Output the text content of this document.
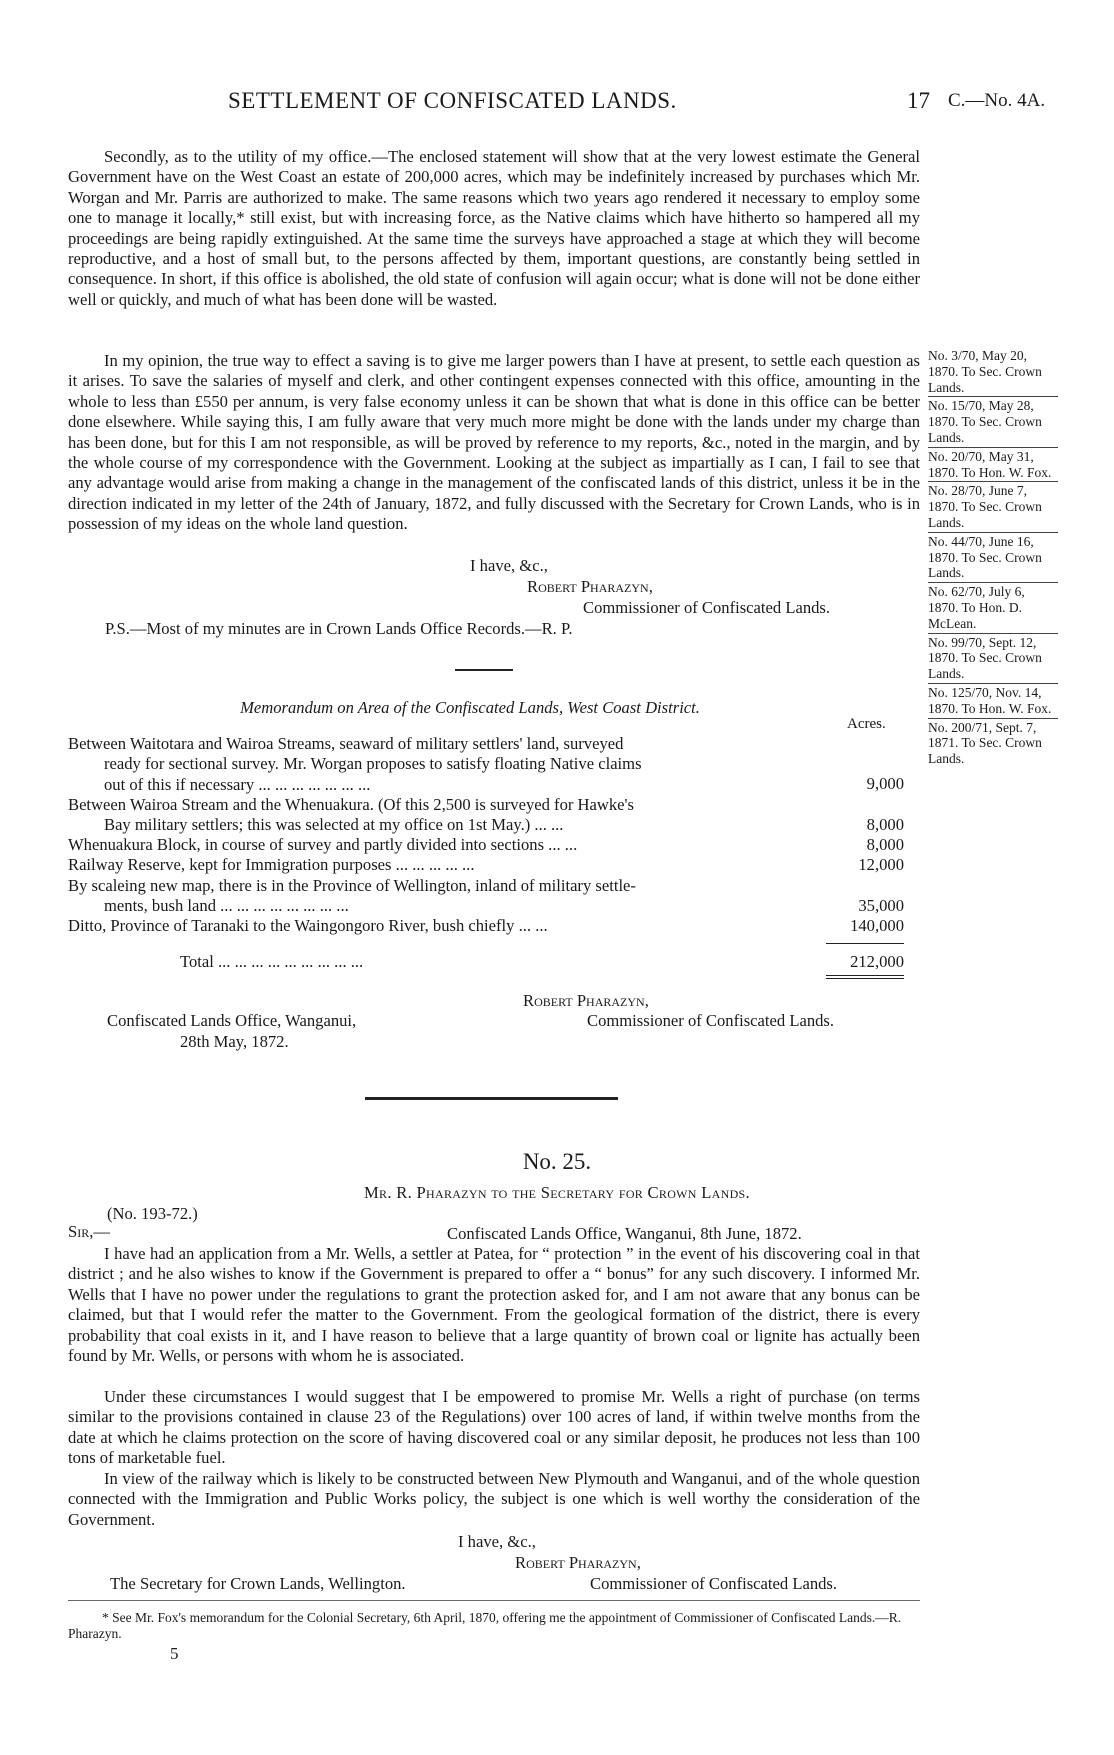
SETTLEMENT OF CONFISCATED LANDS.	17 C.—No. 4A.
Secondly, as to the utility of my office.—The enclosed statement will show that at the very lowest estimate the General Government have on the West Coast an estate of 200,000 acres, which may be indefinitely increased by purchases which Mr. Worgan and Mr. Parris are authorized to make. The same reasons which two years ago rendered it necessary to employ some one to manage it locally,* still exist, but with increasing force, as the Native claims which have hitherto so hampered all my proceedings are being rapidly extinguished. At the same time the surveys have approached a stage at which they will become reproductive, and a host of small but, to the persons affected by them, important questions, are constantly being settled in consequence. In short, if this office is abolished, the old state of confusion will again occur; what is done will not be done either well or quickly, and much of what has been done will be wasted.
In my opinion, the true way to effect a saving is to give me larger powers than I have at present, to settle each question as it arises. To save the salaries of myself and clerk, and other contingent expenses connected with this office, amounting in the whole to less than £550 per annum, is very false economy unless it can be shown that what is done in this office can be better done elsewhere. While saying this, I am fully aware that very much more might be done with the lands under my charge than has been done, but for this I am not responsible, as will be proved by reference to my reports, &c., noted in the margin, and by the whole course of my correspondence with the Government. Looking at the subject as impartially as I can, I fail to see that any advantage would arise from making a change in the management of the confiscated lands of this district, unless it be in the direction indicated in my letter of the 24th of January, 1872, and fully discussed with the Secretary for Crown Lands, who is in possession of my ideas on the whole land question.
I have, &c.,
Robert Pharazyn,
Commissioner of Confiscated Lands.
P.S.—Most of my minutes are in Crown Lands Office Records.—R. P.
No. 3/70, May 20, 1870. To Sec. Crown Lands.
No. 15/70, May 28, 1870. To Sec. Crown Lands.
No. 20/70, May 31, 1870. To Hon. W. Fox.
No. 28/70, June 7, 1870. To Sec. Crown Lands.
No. 44/70, June 16, 1870. To Sec. Crown Lands.
No. 62/70, July 6, 1870. To Hon. D. McLean.
No. 99/70, Sept. 12, 1870. To Sec. Crown Lands.
No. 125/70, Nov. 14, 1870. To Hon. W. Fox.
No. 200/71, Sept. 7, 1871. To Sec. Crown Lands.
Memorandum on Area of the Confiscated Lands, West Coast District.
Acres.
Between Waitotara and Wairoa Streams, seaward of military settlers' land, surveyed
ready for sectional survey. Mr. Worgan proposes to satisfy floating Native claims
out of this if necessary ... ... ... ... ... ... ...	9,000
Between Wairoa Stream and the Whenuakura. (Of this 2,500 is surveyed for Hawke's
Bay military settlers; this was selected at my office on 1st May.) ... ...	8,000
Whenuakura Block, in course of survey and partly divided into sections ... ...	8,000
Railway Reserve, kept for Immigration purposes ... ... ... ... ...	12,000
By scaleing new map, there is in the Province of Wellington, inland of military settle-
ments, bush land ... ... ... ... ... ... ... ...	35,000
Ditto, Province of Taranaki to the Waingongoro River, bush chiefly ... ...	140,000
Total ... ... ... ... ... ... ... ... ...	212,000
Robert Pharazyn,
Confiscated Lands Office, Wanganui,	Commissioner of Confiscated Lands.
28th May, 1872.
No. 25.
Mr. R. Pharazyn to the Secretary for Crown Lands.
(No. 193-72.)
Sir,—	Confiscated Lands Office, Wanganui, 8th June, 1872.
I have had an application from a Mr. Wells, a settler at Patea, for “ protection ” in the event of his discovering coal in that district ; and he also wishes to know if the Government is prepared to offer a “ bonus” for any such discovery. I informed Mr. Wells that I have no power under the regulations to grant the protection asked for, and I am not aware that any bonus can be claimed, but that I would refer the matter to the Government. From the geological formation of the district, there is every probability that coal exists in it, and I have reason to believe that a large quantity of brown coal or lignite has actually been found by Mr. Wells, or persons with whom he is associated.
Under these circumstances I would suggest that I be empowered to promise Mr. Wells a right of purchase (on terms similar to the provisions contained in clause 23 of the Regulations) over 100 acres of land, if within twelve months from the date at which he claims protection on the score of having discovered coal or any similar deposit, he produces not less than 100 tons of marketable fuel.
In view of the railway which is likely to be constructed between New Plymouth and Wanganui, and of the whole question connected with the Immigration and Public Works policy, the subject is one which is well worthy the consideration of the Government.
I have, &c.,
Robert Pharazyn,
The Secretary for Crown Lands, Wellington.	Commissioner of Confiscated Lands.
* See Mr. Fox's memorandum for the Colonial Secretary, 6th April, 1870, offering me the appointment of Commissioner of Confiscated Lands.—R. Pharazyn.
5
